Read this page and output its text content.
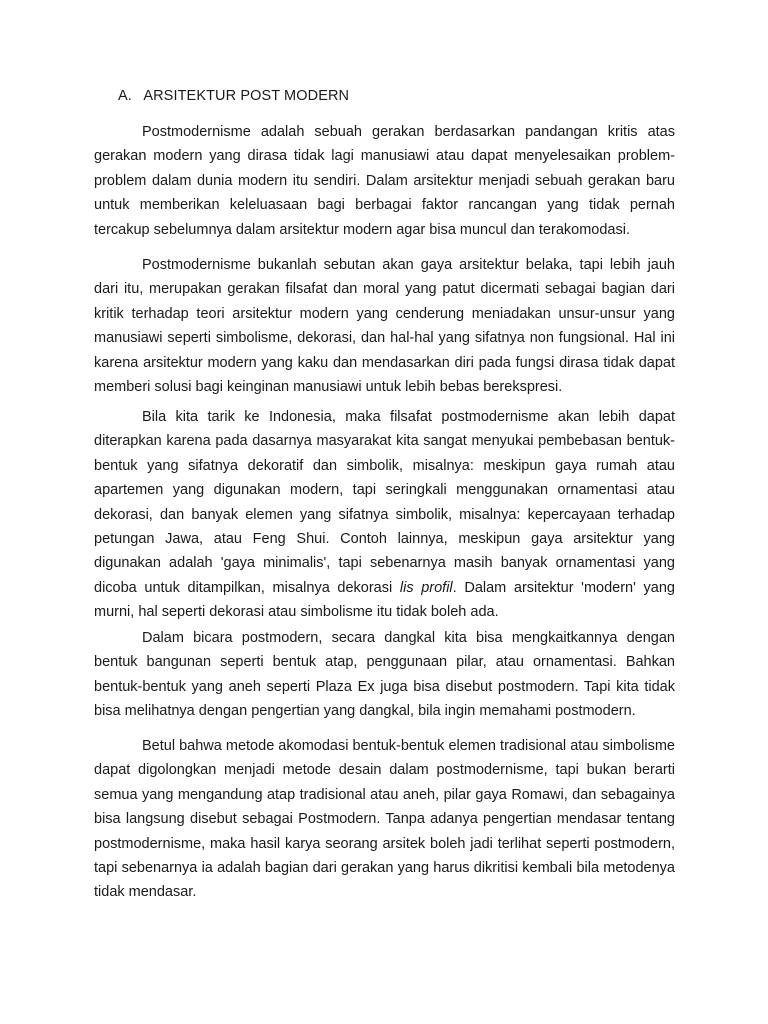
A. ARSITEKTUR POST MODERN

Postmodernisme adalah sebuah gerakan berdasarkan pandangan kritis atas gerakan modern yang dirasa tidak lagi manusiawi atau dapat menyelesaikan problem-problem dalam dunia modern itu sendiri. Dalam arsitektur menjadi sebuah gerakan baru untuk memberikan keleluasaan bagi berbagai faktor rancangan yang tidak pernah tercakup sebelumnya dalam arsitektur modern agar bisa muncul dan terakomodasi.

Postmodernisme bukanlah sebutan akan gaya arsitektur belaka, tapi lebih jauh dari itu, merupakan gerakan filsafat dan moral yang patut dicermati sebagai bagian dari kritik terhadap teori arsitektur modern yang cenderung meniadakan unsur-unsur yang manusiawi seperti simbolisme, dekorasi, dan hal-hal yang sifatnya non fungsional. Hal ini karena arsitektur modern yang kaku dan mendasarkan diri pada fungsi dirasa tidak dapat memberi solusi bagi keinginan manusiawi untuk lebih bebas berekspresi.

Bila kita tarik ke Indonesia, maka filsafat postmodernisme akan lebih dapat diterapkan karena pada dasarnya masyarakat kita sangat menyukai pembebasan bentuk-bentuk yang sifatnya dekoratif dan simbolik, misalnya: meskipun gaya rumah atau apartemen yang digunakan modern, tapi seringkali menggunakan ornamentasi atau dekorasi, dan banyak elemen yang sifatnya simbolik, misalnya: kepercayaan terhadap petungan Jawa, atau Feng Shui. Contoh lainnya, meskipun gaya arsitektur yang digunakan adalah 'gaya minimalis', tapi sebenarnya masih banyak ornamentasi yang dicoba untuk ditampilkan, misalnya dekorasi lis profil. Dalam arsitektur 'modern' yang murni, hal seperti dekorasi atau simbolisme itu tidak boleh ada.

Dalam bicara postmodern, secara dangkal kita bisa mengkaitkannya dengan bentuk bangunan seperti bentuk atap, penggunaan pilar, atau ornamentasi. Bahkan bentuk-bentuk yang aneh seperti Plaza Ex juga bisa disebut postmodern. Tapi kita tidak bisa melihatnya dengan pengertian yang dangkal, bila ingin memahami postmodern.

Betul bahwa metode akomodasi bentuk-bentuk elemen tradisional atau simbolisme dapat digolongkan menjadi metode desain dalam postmodernisme, tapi bukan berarti semua yang mengandung atap tradisional atau aneh, pilar gaya Romawi, dan sebagainya bisa langsung disebut sebagai Postmodern. Tanpa adanya pengertian mendasar tentang postmodernisme, maka hasil karya seorang arsitek boleh jadi terlihat seperti postmodern, tapi sebenarnya ia adalah bagian dari gerakan yang harus dikritisi kembali bila metodenya tidak mendasar.
